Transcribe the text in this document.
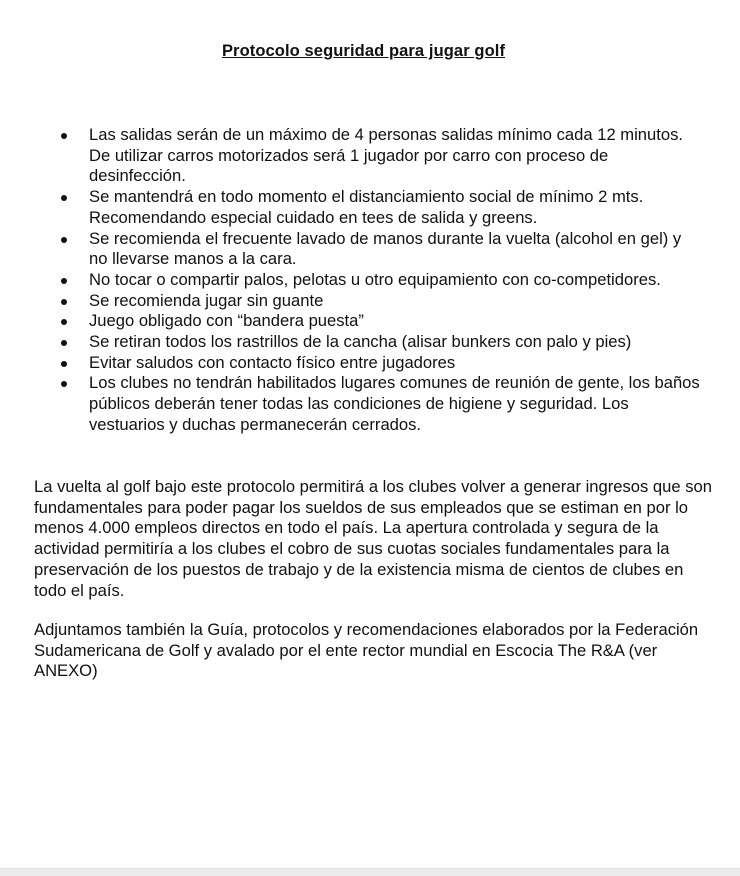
Protocolo seguridad para jugar golf
Las salidas serán de un máximo de 4 personas salidas mínimo cada 12 minutos. De utilizar carros motorizados será 1 jugador por carro con proceso de desinfección.
Se mantendrá en todo momento el distanciamiento social de mínimo 2 mts. Recomendando especial cuidado en tees de salida y greens.
Se recomienda el frecuente lavado de manos durante la vuelta (alcohol en gel) y no llevarse manos a la cara.
No tocar o compartir palos, pelotas u otro equipamiento con co-competidores.
Se recomienda jugar sin guante
Juego obligado con “bandera puesta”
Se retiran todos los rastrillos de la cancha (alisar bunkers con palo y pies)
Evitar saludos con contacto físico entre jugadores
Los clubes no tendrán habilitados lugares comunes de reunión de gente, los baños públicos deberán tener todas las condiciones de higiene y seguridad. Los vestuarios y duchas permanecerán cerrados.

La vuelta al golf bajo este protocolo permitirá a los clubes volver a generar ingresos que son fundamentales para poder pagar los sueldos de sus empleados que se estiman en por lo menos 4.000 empleos directos en todo el país. La apertura controlada y segura de la actividad permitiría a los clubes el cobro de sus cuotas sociales fundamentales para la preservación de los puestos de trabajo y de la existencia misma de cientos de clubes en todo el país.

Adjuntamos también la Guía, protocolos y recomendaciones elaborados por la Federación Sudamericana de Golf y avalado por el ente rector mundial en Escocia The R&A (ver ANEXO)
